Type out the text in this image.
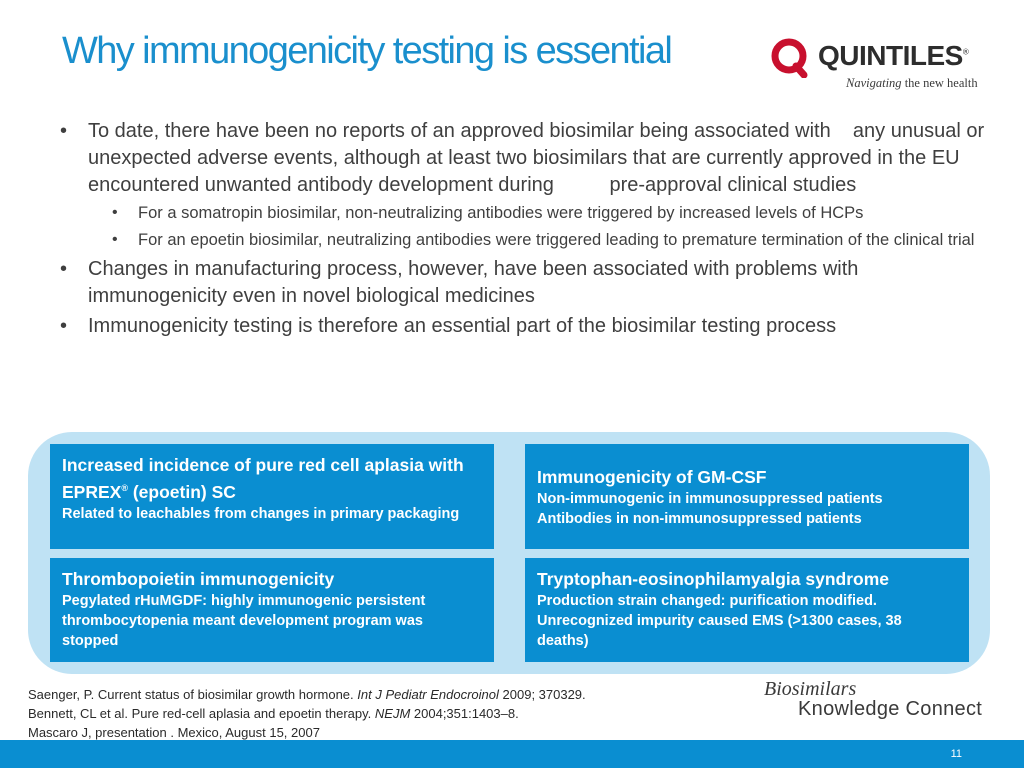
Why immunogenicity testing is essential	QUINTILES®
Navigating the new health
• To date, there have been no reports of an approved biosimilar being associated with any unusual or unexpected adverse events, although at least two biosimilars that are currently approved in the EU encountered unwanted antibody development during	pre-approval clinical studies
• For a somatropin biosimilar, non-neutralizing antibodies were triggered by increased levels of HCPs
• For an epoetin biosimilar, neutralizing antibodies were triggered leading to premature termination of the clinical trial
• Changes in manufacturing process, however, have been associated with problems with immunogenicity even in novel biological medicines
• Immunogenicity testing is therefore an essential part of the biosimilar testing process
Increased incidence of pure red cell aplasia with EPREX® (epoetin) SC
Related to leachables from changes in primary packaging
Immunogenicity of GM-CSF
Non-immunogenic in immunosuppressed patients
Antibodies in non-immunosuppressed patients
Thrombopoietin immunogenicity
Pegylated rHuMGDF: highly immunogenic persistent thrombocytopenia meant development program was stopped
Tryptophan-eosinophilamyalgia syndrome
Production strain changed: purification modified.
Unrecognized impurity caused EMS (>1300 cases, 38 deaths)
Saenger, P. Current status of biosimilar growth hormone. Int J Pediatr Endocroinol 2009; 370329.
Bennett, CL et al. Pure red-cell aplasia and epoetin therapy. NEJM 2004;351:1403–8.
Mascaro J, presentation . Mexico, August 15, 2007
Biosimilars
Knowledge Connect
11
